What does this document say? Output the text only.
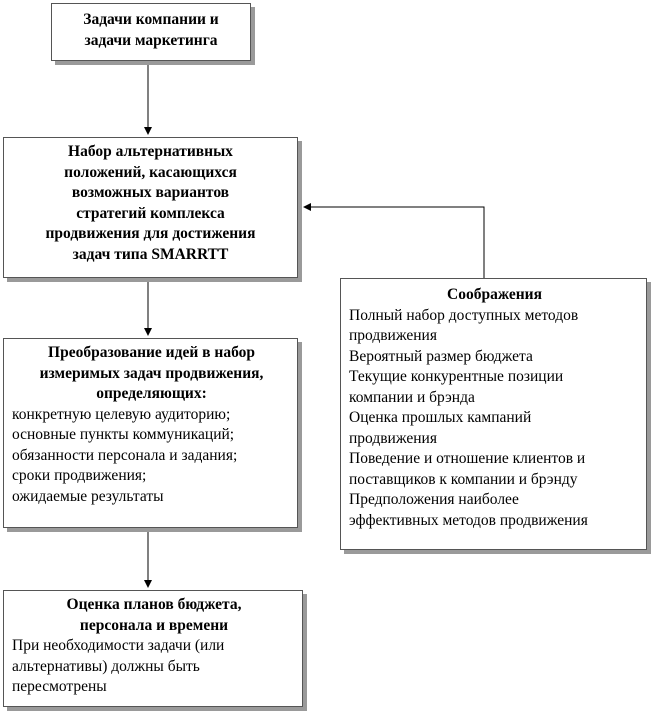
Задачи компании и
задачи маркетинга
Набор альтернативных
положений, касающихся
возможных вариантов
стратегий комплекса
продвижения для достижения
задач типа SMARRTT
Преобразование идей в набор
измеримых задач продвижения,
определяющих:
конкретную целевую аудиторию;
основные пункты коммуникаций;
обязанности персонала и задания;
сроки продвижения;
ожидаемые результаты
Оценка планов бюджета,
персонала и времени
При необходимости задачи (или
альтернативы) должны быть
пересмотрены
Соображения
Полный набор доступных методов
продвижения
Вероятный размер бюджета
Текущие конкурентные позиции
компании и брэнда
Оценка прошлых кампаний
продвижения
Поведение и отношение клиентов и
поставщиков к компании и брэнду
Предположения наиболее
эффективных методов продвижения
